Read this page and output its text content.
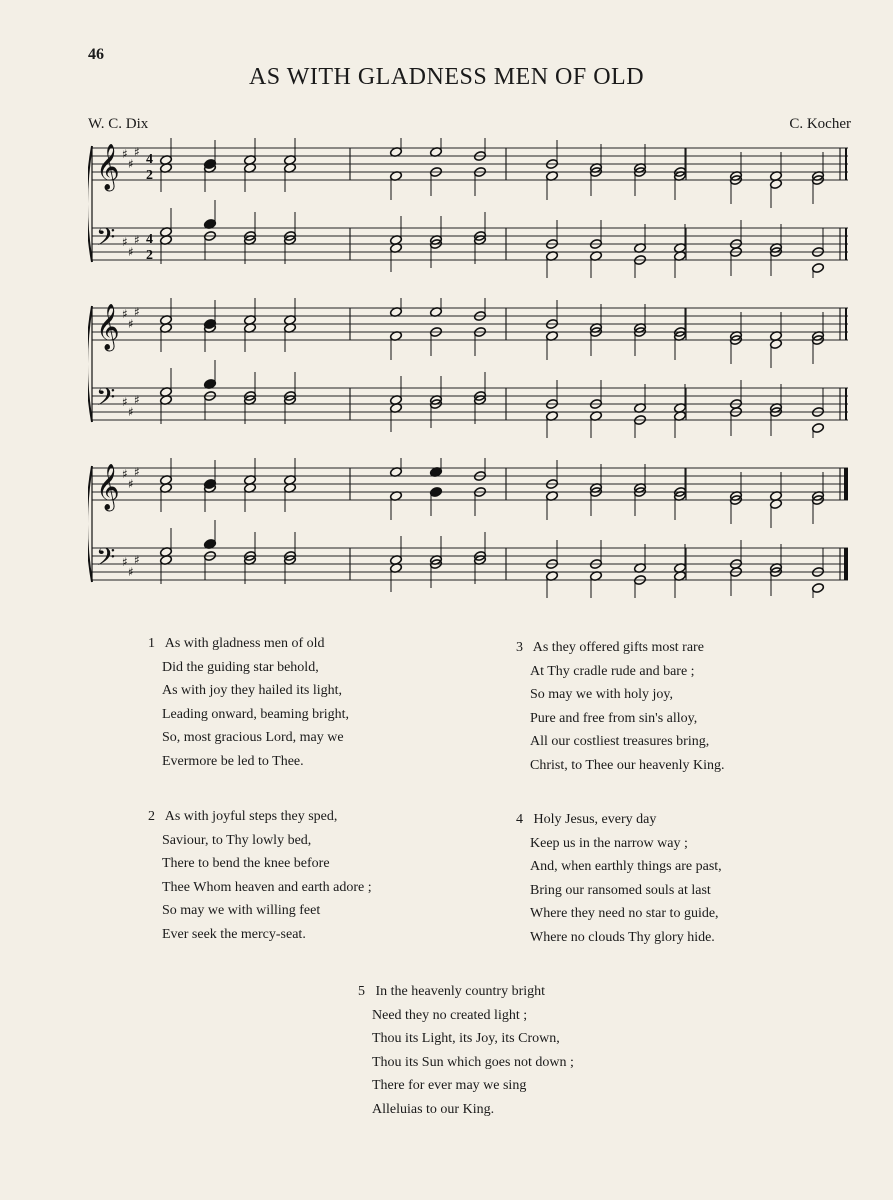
46
AS WITH GLADNESS MEN OF OLD
W. C. Dix	C. Kocher
𝄞 ♯
♯
♯ 4
2
𝄢 ♯
♯
♯ 4
2
𝄞 ♯
♯
♯
𝄢 ♯
♯
♯
𝄞 ♯
♯
♯
𝄢 ♯
♯
♯
1 As with gladness men of old
Did the guiding star behold,
As with joy they hailed its light,
Leading onward, beaming bright,
So, most gracious Lord, may we
Evermore be led to Thee.
2 As with joyful steps they sped,
Saviour, to Thy lowly bed,
There to bend the knee before
Thee Whom heaven and earth adore ;
So may we with willing feet
Ever seek the mercy-seat.
3 As they offered gifts most rare
At Thy cradle rude and bare ;
So may we with holy joy,
Pure and free from sin's alloy,
All our costliest treasures bring,
Christ, to Thee our heavenly King.
4 Holy Jesus, every day
Keep us in the narrow way ;
And, when earthly things are past,
Bring our ransomed souls at last
Where they need no star to guide,
Where no clouds Thy glory hide.
5 In the heavenly country bright
Need they no created light ;
Thou its Light, its Joy, its Crown,
Thou its Sun which goes not down ;
There for ever may we sing
Alleluias to our King.
